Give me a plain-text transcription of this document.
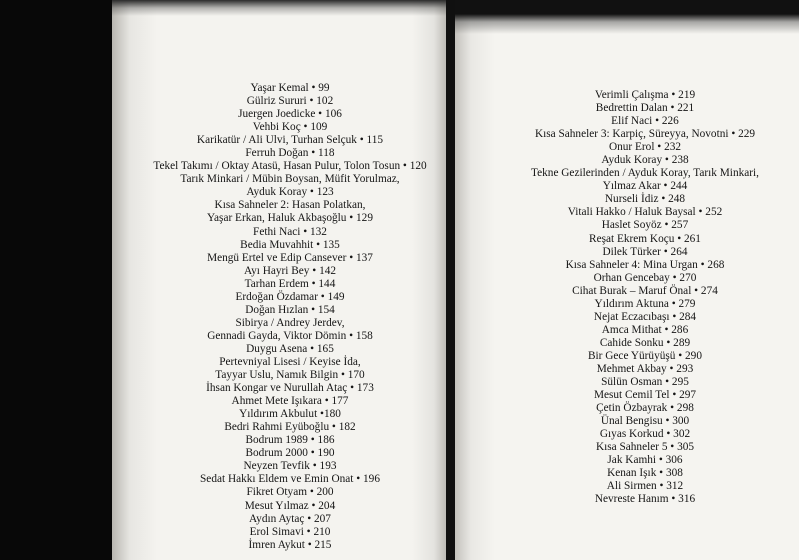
Yaşar Kemal • 99
Gülriz Sururi • 102
Juergen Joedicke • 106
Vehbi Koç • 109
Karikatür / Ali Ulvi, Turhan Selçuk • 115
Ferruh Doğan • 118
Tekel Takımı / Oktay Atasü, Hasan Pulur, Tolon Tosun • 120
Tarık Minkari / Mübin Boysan, Müfit Yorulmaz,
Ayduk Koray • 123
Kısa Sahneler 2: Hasan Polatkan,
Yaşar Erkan, Haluk Akbaşoğlu • 129
Fethi Naci • 132
Bedia Muvahhit • 135
Mengü Ertel ve Edip Cansever • 137
Ayı Hayri Bey • 142
Tarhan Erdem • 144
Erdoğan Özdamar • 149
Doğan Hızlan • 154
Sibirya / Andrey Jerdev,
Gennadi Gayda, Viktor Dömin • 158
Duygu Asena • 165
Pertevniyal Lisesi / Keyise İda,
Tayyar Uslu, Namık Bilgin • 170
İhsan Kongar ve Nurullah Ataç • 173
Ahmet Mete Işıkara • 177
Yıldırım Akbulut •180
Bedri Rahmi Eyüboğlu • 182
Bodrum 1989 • 186
Bodrum 2000 • 190
Neyzen Tevfik • 193
Sedat Hakkı Eldem ve Emin Onat • 196
Fikret Otyam • 200
Mesut Yılmaz • 204
Aydın Aytaç • 207
Erol Simavi • 210
İmren Aykut • 215
Verimli Çalışma • 219
Bedrettin Dalan • 221
Elif Naci • 226
Kısa Sahneler 3: Karpiç, Süreyya, Novotni • 229
Onur Erol • 232
Ayduk Koray • 238
Tekne Gezilerinden / Ayduk Koray, Tarık Minkari,
Yılmaz Akar • 244
Nurseli İdiz • 248
Vitali Hakko / Haluk Baysal • 252
Haslet Soyöz • 257
Reşat Ekrem Koçu • 261
Dilek Türker • 264
Kısa Sahneler 4: Mina Urgan • 268
Orhan Gencebay • 270
Cihat Burak – Maruf Önal • 274
Yıldırım Aktuna • 279
Nejat Eczacıbaşı • 284
Amca Mithat • 286
Cahide Sonku • 289
Bir Gece Yürüyüşü • 290
Mehmet Akbay • 293
Sülün Osman • 295
Mesut Cemil Tel • 297
Çetin Özbayrak • 298
Ünal Bengisu • 300
Gıyas Korkud • 302
Kısa Sahneler 5 • 305
Jak Kamhi • 306
Kenan Işık • 308
Ali Sirmen • 312
Nevreste Hanım • 316
